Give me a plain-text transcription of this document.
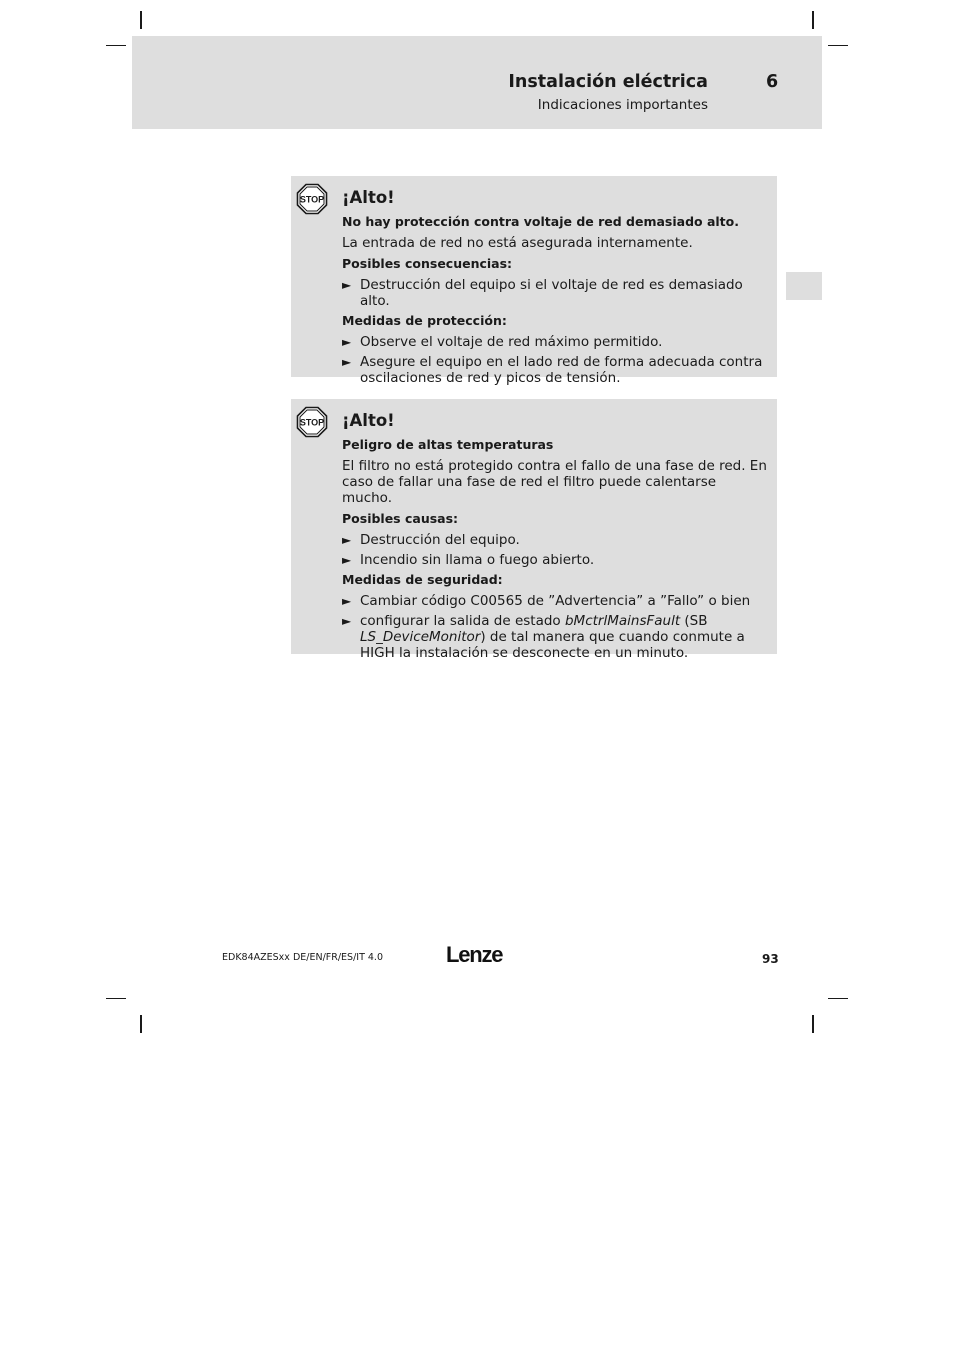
Instalación eléctrica	6
Indicaciones importantes
STOP ¡Alto!
No hay protección contra voltaje de red demasiado alto.
La entrada de red no está asegurada internamente.
Posibles consecuencias:
► Destrucción del equipo si el voltaje de red es demasiado alto.
Medidas de protección:
► Observe el voltaje de red máximo permitido.
► Asegure el equipo en el lado red de forma adecuada contra oscilaciones de red y picos de tensión.
STOP ¡Alto!
Peligro de altas temperaturas
El filtro no está protegido contra el fallo de una fase de red. En caso de fallar una fase de red el filtro puede calentarse mucho.
Posibles causas:
► Destrucción del equipo.
► Incendio sin llama o fuego abierto.
Medidas de seguridad:
► Cambiar código C00565 de ”Advertencia” a ”Fallo” o bien
► configurar la salida de estado bMctrlMainsFault (SB LS_DeviceMonitor) de tal manera que cuando conmute a HIGH la instalación se desconecte en un minuto.
EDK84AZESxx DE/EN/FR/ES/IT 4.0	Lenze	93
